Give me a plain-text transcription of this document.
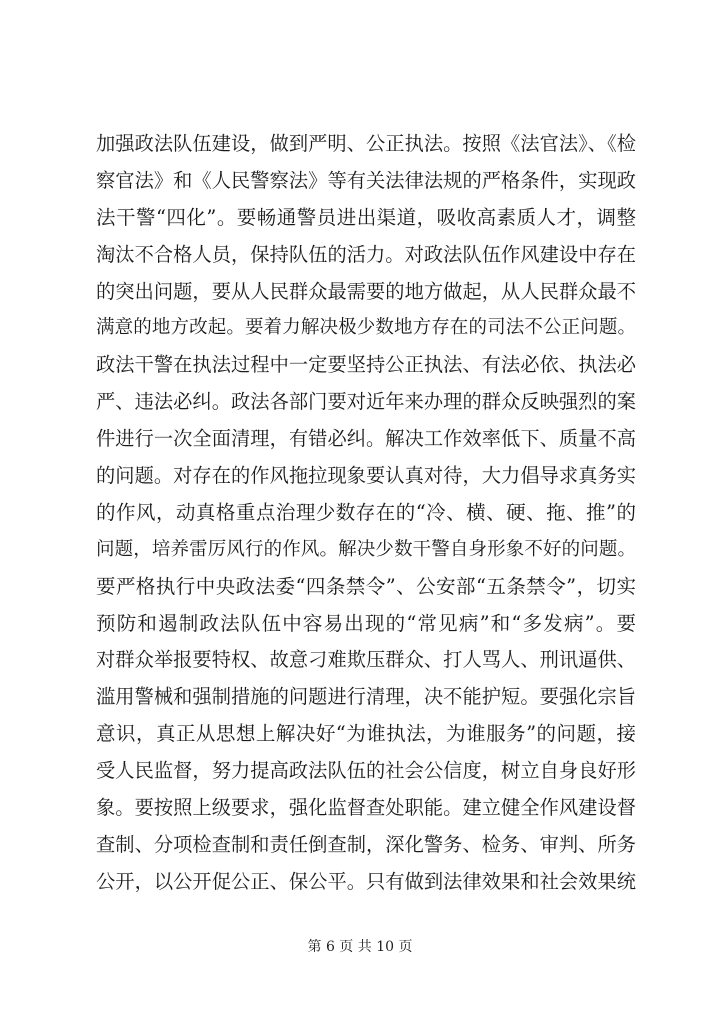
加强政法队伍建设，做到严明、公正执法。按照《法官法》、《检
察官法》和《人民警察法》等有关法律法规的严格条件，实现政
法干警“四化”。要畅通警员进出渠道，吸收高素质人才，调整
淘汰不合格人员，保持队伍的活力。对政法队伍作风建设中存在
的突出问题，要从人民群众最需要的地方做起，从人民群众最不
满意的地方改起。要着力解决极少数地方存在的司法不公正问题。
政法干警在执法过程中一定要坚持公正执法、有法必依、执法必
严、违法必纠。政法各部门要对近年来办理的群众反映强烈的案
件进行一次全面清理，有错必纠。解决工作效率低下、质量不高
的问题。对存在的作风拖拉现象要认真对待，大力倡导求真务实
的作风，动真格重点治理少数存在的“冷、横、硬、拖、推”的
问题，培养雷厉风行的作风。解决少数干警自身形象不好的问题。
要严格执行中央政法委“四条禁令”、公安部“五条禁令”，切实
预防和遏制政法队伍中容易出现的“常见病”和“多发病”。要
对群众举报要特权、故意刁难欺压群众、打人骂人、刑讯逼供、
滥用警械和强制措施的问题进行清理，决不能护短。要强化宗旨
意识，真正从思想上解决好“为谁执法，为谁服务”的问题，接
受人民监督，努力提高政法队伍的社会公信度，树立自身良好形
象。要按照上级要求，强化监督查处职能。建立健全作风建设督
查制、分项检查制和责任倒查制，深化警务、检务、审判、所务
公开，以公开促公正、保公平。只有做到法律效果和社会效果统
第 6 页 共 10 页
